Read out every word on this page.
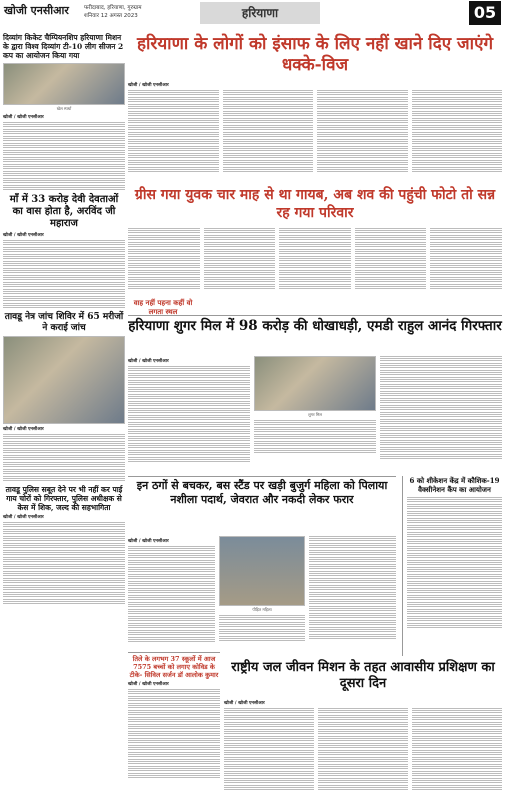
खोजी एनसीआर	फरीदाबाद, हरियाणा, गुरुग्राम
शनिवार 12 अगस्त 2023	हरियाणा	05
दिव्यांग किकेट चैम्पियनशिप हरियाणा मिशन के द्वारा विश्व दिव्यांग टी-10 लीग सीजन 2 कप का आयोजन किया गया
खेल स्पर्धा
खोजी / खोजी एनसीआर
माँ में 33 करोड़ देवी देवताओं का वास होता है, अरविंद जी महाराज
खोजी / खोजी एनसीआर
तावडू नेत्र जांच शिविर में 65 मरीजों ने कराई जांच
खोजी / खोजी एनसीआर
तावडू पुलिस सबूत देने पर भी नहीं कर पाई गाय चोरों को गिरफ्तार, पुलिस अधीक्षक से केस में शिक, जल्द की सहभागिता
खोजी / खोजी एनसीआर
हरियाणा के लोगों को इंसाफ के लिए नहीं खाने दिए जाएंगे धक्के-विज
खोजी / खोजी एनसीआर
ग्रीस गया युवक चार माह से था गायब, अब शव की पहुंची फोटो तो सन्न रह गया परिवार
वाह नहीं पहना कहीं वो लगता स्थल
हरियाणा शुगर मिल में 98 करोड़ की धोखाधड़ी, एमडी राहुल आनंद गिरफ्तार
खोजी / खोजी एनसीआर
शुगर मिल
इन ठगों से बचकर, बस स्टैंड पर खड़ी बुजुर्ग महिला को पिलाया नशीला पदार्थ, जेवरात और नकदी लेकर फरार
खोजी / खोजी एनसीआर
पीड़ित महिला
6 को शीकेशन केंद्र में कौशिक-19 वैक्सीनेशन कैंप का आयोजन
तिले के लगभग 37 स्कूलों में आज 7575 बच्चों को लगाए कोविड के टीके- सिविल सर्जन डॉ आलोक कुमार
खोजी / खोजी एनसीआर
राष्ट्रीय जल जीवन मिशन के तहत आवासीय प्रशिक्षण का दूसरा दिन
खोजी / खोजी एनसीआर
